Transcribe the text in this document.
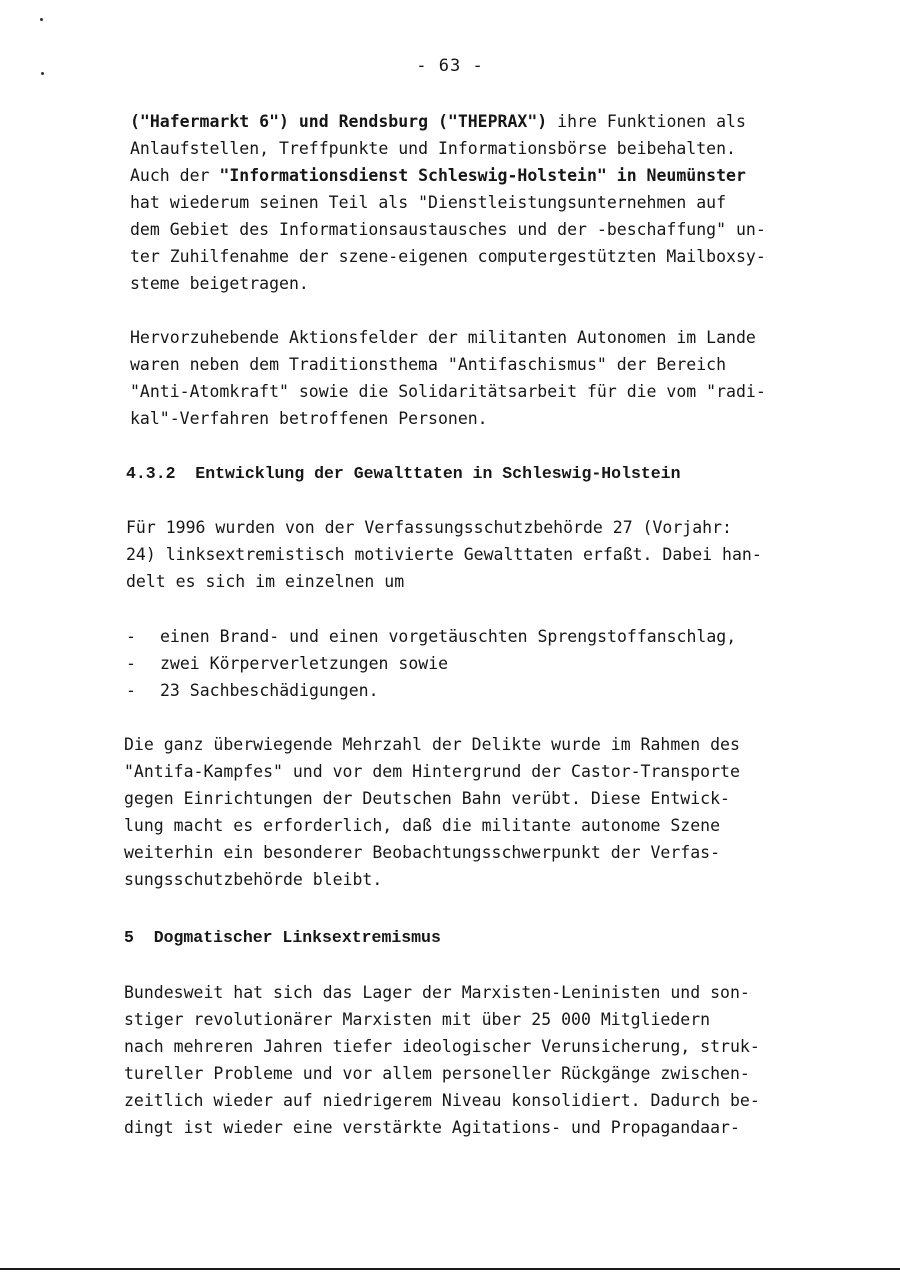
- 63 -

("Hafermarkt 6") und Rendsburg ("THEPRAX") ihre Funktionen als

Anlaufstellen, Treffpunkte und Informationsbörse beibehalten.

Auch der "Informationsdienst Schleswig-Holstein" in Neumünster

hat wiederum seinen Teil als "Dienstleistungsunternehmen auf

dem Gebiet des Informationsaustausches und der -beschaffung" un-

ter Zuhilfenahme der szene-eigenen computergestützten Mailboxsy-

steme beigetragen.

Hervorzuhebende Aktionsfelder der militanten Autonomen im Lande

waren neben dem Traditionsthema "Antifaschismus" der Bereich

"Anti-Atomkraft" sowie die Solidaritätsarbeit für die vom "radi-

kal"-Verfahren betroffenen Personen.

4.3.2  Entwicklung der Gewalttaten in Schleswig-Holstein

Für 1996 wurden von der Verfassungsschutzbehörde 27 (Vorjahr:

24) linksextremistisch motivierte Gewalttaten erfaßt. Dabei han-

delt es sich im einzelnen um

- einen Brand- und einen vorgetäuschten Sprengstoffanschlag,
- zwei Körperverletzungen sowie
- 23 Sachbeschädigungen.

Die ganz überwiegende Mehrzahl der Delikte wurde im Rahmen des

"Antifa-Kampfes" und vor dem Hintergrund der Castor-Transporte

gegen Einrichtungen der Deutschen Bahn verübt. Diese Entwick-

lung macht es erforderlich, daß die militante autonome Szene

weiterhin ein besonderer Beobachtungsschwerpunkt der Verfas-

sungsschutzbehörde bleibt.

5  Dogmatischer Linksextremismus

Bundesweit hat sich das Lager der Marxisten-Leninisten und son-

stiger revolutionärer Marxisten mit über 25 000 Mitgliedern

nach mehreren Jahren tiefer ideologischer Verunsicherung, struk-

tureller Probleme und vor allem personeller Rückgänge zwischen-

zeitlich wieder auf niedrigerem Niveau konsolidiert. Dadurch be-

dingt ist wieder eine verstärkte Agitations- und Propagandaar-
